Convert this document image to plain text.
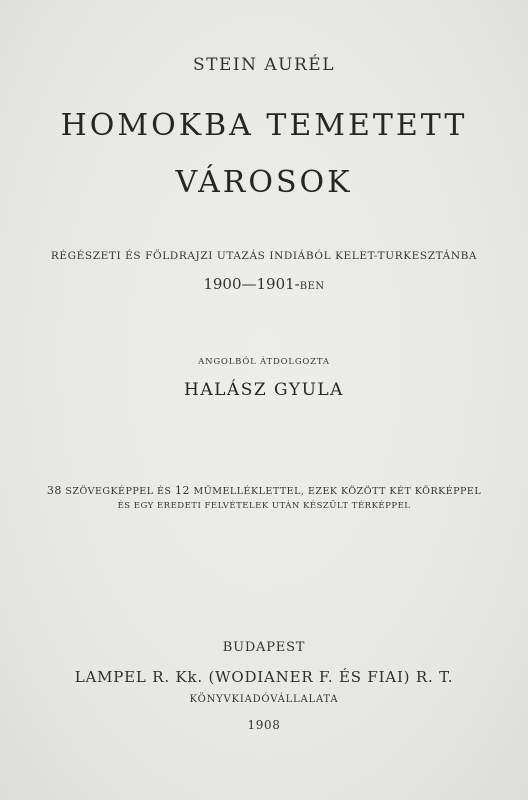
STEIN AURÉL
HOMOKBA TEMETETT
VÁROSOK
RÉGÉSZETI ÉS FÖLDRAJZI UTAZÁS INDIÁBÓL KELET-TURKESZTÁNBA
1900—1901-BEN
ANGOLBÓL ÁTDOLGOZTA
HALÁSZ GYULA
38 SZÖVEGKÉPPEL ÉS 12 MŰMELLÉKLETTEL, EZEK KÖZÖTT KÉT KÖRKÉPPEL
ÉS EGY EREDETI FELVÉTELEK UTÁN KÉSZÜLT TÉRKÉPPEL
BUDAPEST
LAMPEL R. Kk. (WODIANER F. ÉS FIAI) R. T.
KÖNYVKIADÓVÁLLALATA
1908
